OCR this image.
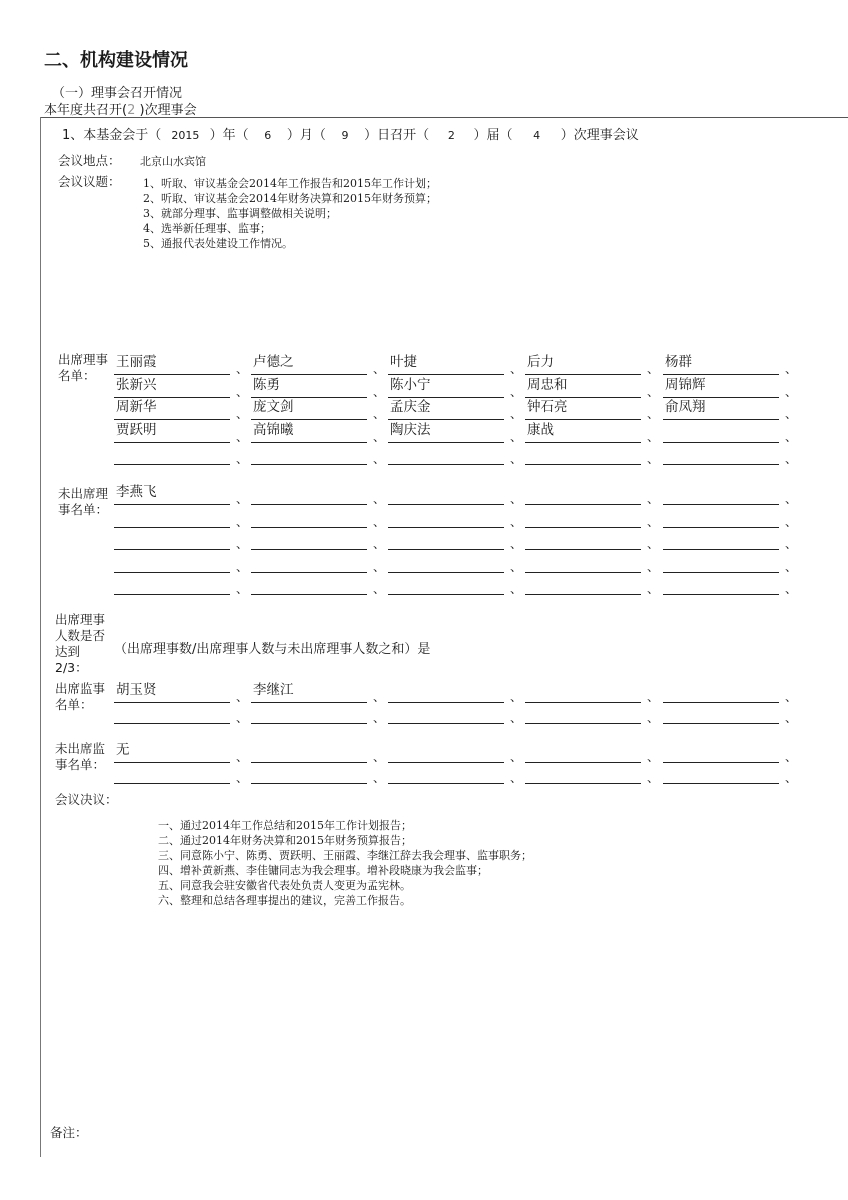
二、机构建设情况
（一）理事会召开情况
本年度共召开(2 )次理事会
1、本基金会于（ 2015 ）年（ 6 ）月（ 9 ）日召开（ 2 ）届（ 4 ）次理事会议
会议地点： 北京山水宾馆
会议议题： 1、听取、审议基金会2014年工作报告和2015年工作计划；
2、听取、审议基金会2014年财务决算和2015年财务预算；
3、就部分理事、监事调整做相关说明；
4、选举新任理事、监事；
5、通报代表处建设工作情况。
出席理事
名单：
王丽霞	、 卢德之	、 叶捷	、 后力	、 杨群	、
张新兴	、 陈勇	、 陈小宁	、 周忠和	、 周锦辉	、
周新华	、 庞文剑	、 孟庆金	、 钟石亮	、 俞凤翔	、
贾跃明	、 高锦曦	、 陶庆法	、 康战	、	、
、	、	、	、	、
未出席理
事名单：
李燕飞	、	、	、	、	、
、	、	、	、	、
、	、	、	、	、
、	、	、	、	、
、	、	、	、	、
出席理事
人数是否
达到
2/3：
（出席理事数/出席理事人数与未出席理事人数之和）是
出席监事
名单：
胡玉贤	、 李继江	、	、	、	、
、	、	、	、	、
未出席监
事名单：
无	、	、	、	、	、
、	、	、	、	、
会议决议：
一、通过2014年工作总结和2015年工作计划报告；
二、通过2014年财务决算和2015年财务预算报告；
三、同意陈小宁、陈勇、贾跃明、王丽霞、李继江辞去我会理事、监事职务；
四、增补黄新燕、李佳镛同志为我会理事。增补段晓康为我会监事；
五、同意我会驻安徽省代表处负责人变更为孟宪林。
六、整理和总结各理事提出的建议，完善工作报告。
备注：
